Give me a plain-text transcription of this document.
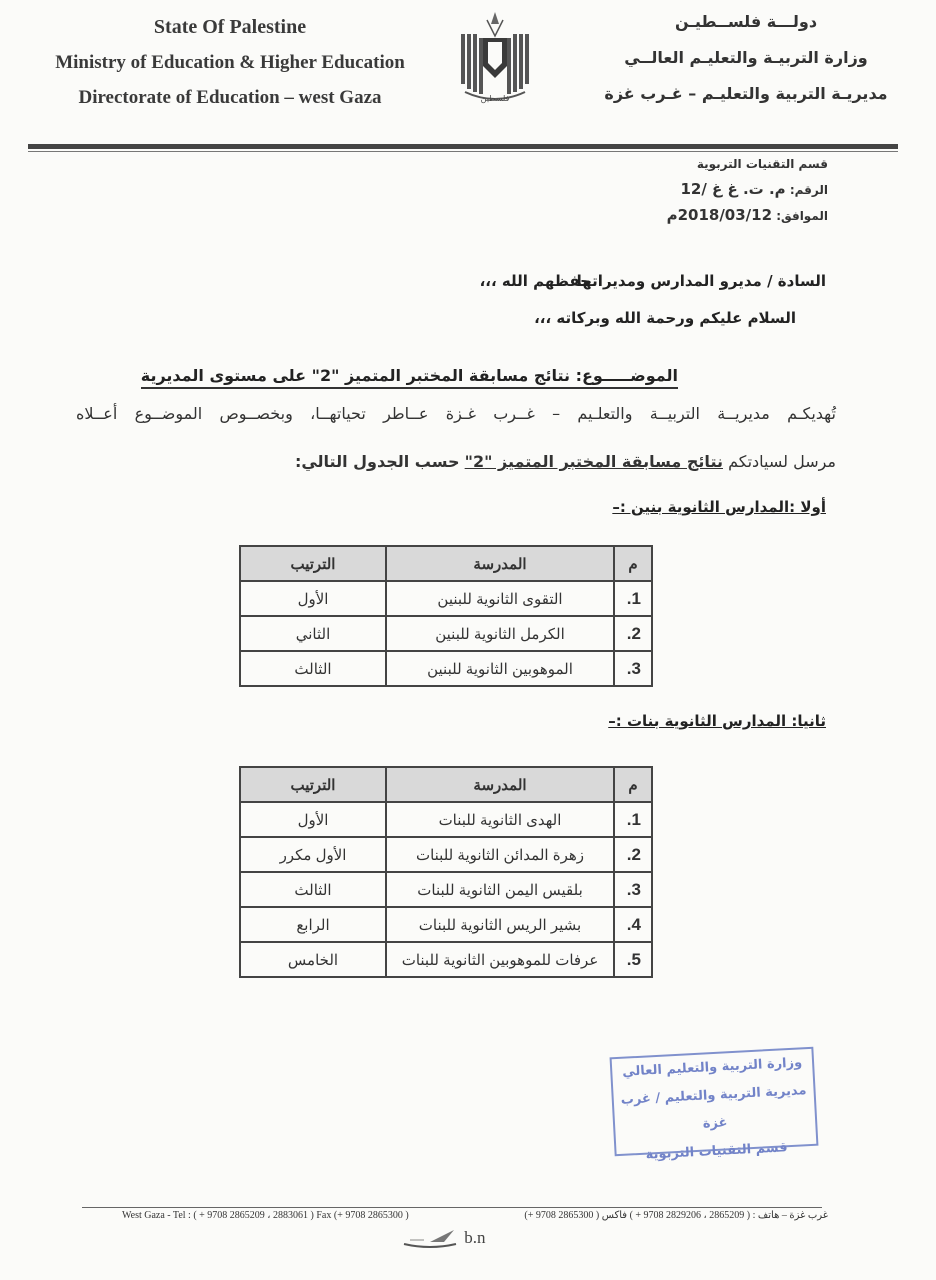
State Of Palestine
Ministry of Education & Higher Education
Directorate of Education – west Gaza	فلسطين
دولـــة فلســطيـن
وزارة التربيـة والتعليـم العالــي
مديريـة التربية والتعليـم – غـرب غزة
قسم التقنيات التربوية
الرقم: م. ت. غ غ /12
الموافق: 2018/03/12م
السادة / مديرو المدارس ومديراتها
حفظهم الله ،،،
السلام عليكم ورحمة الله وبركاته ،،،
الموضـــــوع: نتائج مسابقة المختبر المتميز "2" على مستوى المديرية
تُهديكـم مديريــة التربيــة والتعلـيم – غــرب غـزة عــاطر تحياتهــا، وبخصــوص الموضــوع أعــلاه
مرسل لسيادتكم نتائج مسابقة المختبر المتميز "2" حسب الجدول التالي:
أولا :المدارس الثانوية بنين :–
م	المدرسة	الترتيب
1.	التقوى الثانوية للبنين	الأول
2.	الكرمل الثانوية للبنين	الثاني
3.	الموهوبين الثانوية للبنين	الثالث
ثانيا: المدارس الثانوية بنات :–
م	المدرسة	الترتيب
1.	الهدى الثانوية للبنات	الأول
2.	زهرة المدائن الثانوية للبنات	الأول مكرر
3.	بلقيس اليمن الثانوية للبنات	الثالث
4.	بشير الريس الثانوية للبنات	الرابع
5.	عرفات للموهوبين الثانوية للبنات	الخامس
وزارة التربية والتعليم العالي
مديرية التربية والتعليم / غرب غزة
قسم التقنيات التربوية
West Gaza - Tel : ( + 9708 2865209 ، 2883061 ) Fax (+ 9708 2865300 )	غرب غزة – هاتف : ( 2865209 ، 2829206 9708 + ) فاكس ( 2865300 9708 +)
b.n
